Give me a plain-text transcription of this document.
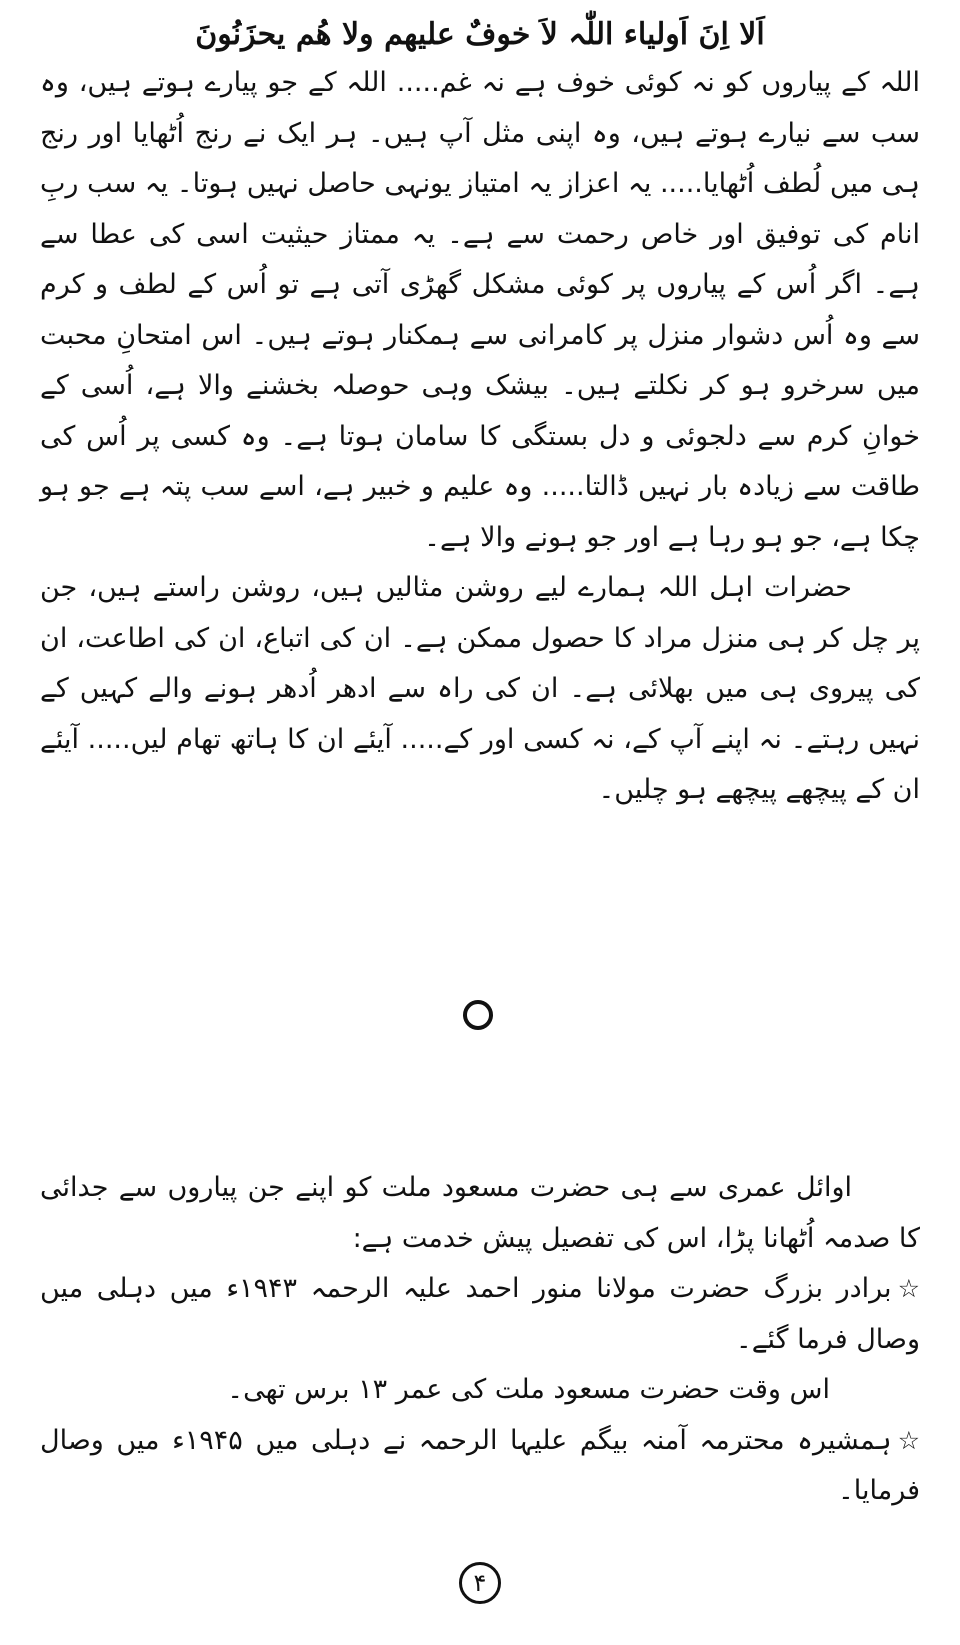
اَلا اِنَ اَولیاء اللّٰہ لاَ خوفٌ علیھم ولا ھُم یحزَنُونَ

اللہ کے پیاروں کو نہ کوئی خوف ہے نہ غم..... اللہ کے جو پیارے ہوتے ہیں، وہ سب سے نیارے ہوتے ہیں، وہ اپنی مثل آپ ہیں۔ ہر ایک نے رنج اُٹھایا اور رنج ہی میں لُطف اُٹھایا..... یہ اعزاز یہ امتیاز یونہی حاصل نہیں ہوتا۔ یہ سب ربِ انام کی توفیق اور خاص رحمت سے ہے۔ یہ ممتاز حیثیت اسی کی عطا سے ہے۔ اگر اُس کے پیاروں پر کوئی مشکل گھڑی آتی ہے تو اُس کے لطف و کرم سے وہ اُس دشوار منزل پر کامرانی سے ہمکنار ہوتے ہیں۔ اس امتحانِ محبت میں سرخرو ہو کر نکلتے ہیں۔ بیشک وہی حوصلہ بخشنے والا ہے، اُسی کے خوانِ کرم سے دلجوئی و دل بستگی کا سامان ہوتا ہے۔ وہ کسی پر اُس کی طاقت سے زیادہ بار نہیں ڈالتا..... وہ علیم و خبیر ہے، اسے سب پتہ ہے جو ہو چکا ہے، جو ہو رہا ہے اور جو ہونے والا ہے۔

حضرات اہل اللہ ہمارے لیے روشن مثالیں ہیں، روشن راستے ہیں، جن پر چل کر ہی منزل مراد کا حصول ممکن ہے۔ ان کی اتباع، ان کی اطاعت، ان کی پیروی ہی میں بھلائی ہے۔ ان کی راہ سے ادھر اُدھر ہونے والے کہیں کے نہیں رہتے۔ نہ اپنے آپ کے، نہ کسی اور کے..... آیئے ان کا ہاتھ تھام لیں..... آیئے ان کے پیچھے پیچھے ہو چلیں۔

اوائل عمری سے ہی حضرت مسعود ملت کو اپنے جن پیاروں سے جدائی کا صدمہ اُٹھانا پڑا، اس کی تفصیل پیش خدمت ہے:

☆برادر بزرگ حضرت مولانا منور احمد علیہ الرحمہ ۱۹۴۳ء میں دہلی میں وصال فرما گئے۔
اس وقت حضرت مسعود ملت کی عمر ۱۳ برس تھی۔
☆ہمشیرہ محترمہ آمنہ بیگم علیہا الرحمہ نے دہلی میں ۱۹۴۵ء میں وصال فرمایا۔
۴
